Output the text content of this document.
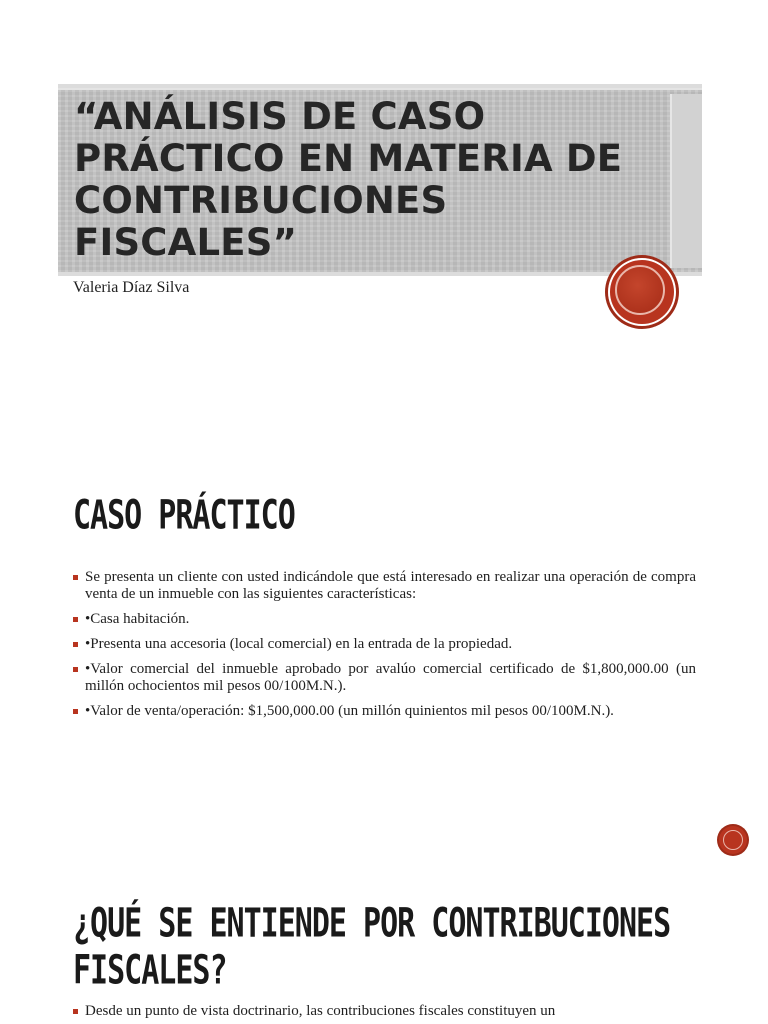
“ANÁLISIS DE CASO PRÁCTICO EN MATERIA DE CONTRIBUCIONES FISCALES”
Valeria Díaz Silva
CASO PRÁCTICO
Se presenta un cliente con usted indicándole que está interesado en realizar una operación de compra venta de un inmueble con las siguientes características:
•Casa habitación.
•Presenta una accesoria (local comercial) en la entrada de la propiedad.
•Valor comercial del inmueble aprobado por avalúo comercial certificado de $1,800,000.00 (un millón ochocientos mil pesos 00/100M.N.).
•Valor de venta/operación: $1,500,000.00 (un millón quinientos mil pesos 00/100M.N.).
¿QUÉ SE ENTIENDE POR CONTRIBUCIONES FISCALES?
Desde un punto de vista doctrinario, las contribuciones fiscales constituyen un
